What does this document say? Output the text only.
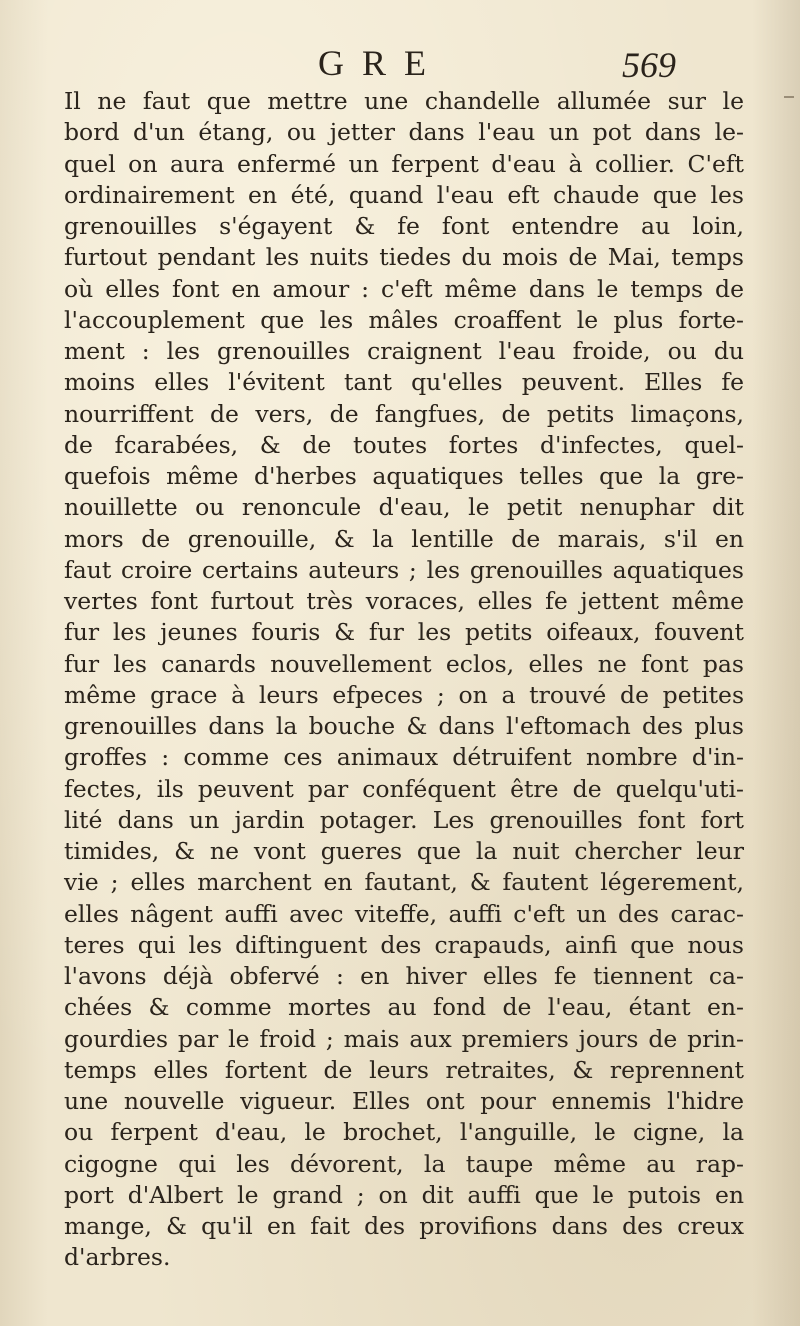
GRE	569
Il ne faut que mettre une chandelle allumée sur le
bord d'un étang, ou jetter dans l'eau un pot dans le-
quel on aura enfermé un ferpent d'eau à collier. C'eft
ordinairement en été, quand l'eau eft chaude que les
grenouilles s'égayent & fe font entendre au loin,
furtout pendant les nuits tiedes du mois de Mai, temps
où elles font en amour : c'eft même dans le temps de
l'accouplement que les mâles croaffent le plus forte-
ment : les grenouilles craignent l'eau froide, ou du
moins elles l'évitent tant qu'elles peuvent. Elles fe
nourriffent de vers, de fangfues, de petits limaçons,
de fcarabées, & de toutes fortes d'infectes, quel-
quefois même d'herbes aquatiques telles que la gre-
nouillette ou renoncule d'eau, le petit nenuphar dit
mors de grenouille, & la lentille de marais, s'il en
faut croire certains auteurs ; les grenouilles aquatiques
vertes font furtout très voraces, elles fe jettent même
fur les jeunes fouris & fur les petits oifeaux, fouvent
fur les canards nouvellement eclos, elles ne font pas
même grace à leurs efpeces ; on a trouvé de petites
grenouilles dans la bouche & dans l'eftomach des plus
groffes : comme ces animaux détruifent nombre d'in-
fectes, ils peuvent par conféquent être de quelqu'uti-
lité dans un jardin potager. Les grenouilles font fort
timides, & ne vont gueres que la nuit chercher leur
vie ; elles marchent en fautant, & fautent légerement,
elles nâgent auffi avec viteffe, auffi c'eft un des carac-
teres qui les diftinguent des crapauds, ainfi que nous
l'avons déjà obfervé : en hiver elles fe tiennent ca-
chées & comme mortes au fond de l'eau, étant en-
gourdies par le froid ; mais aux premiers jours de prin-
temps elles fortent de leurs retraites, & reprennent
une nouvelle vigueur. Elles ont pour ennemis l'hidre
ou ferpent d'eau, le brochet, l'anguille, le cigne, la
cigogne qui les dévorent, la taupe même au rap-
port d'Albert le grand ; on dit auffi que le putois en
mange, & qu'il en fait des provifions dans des creux
d'arbres.
